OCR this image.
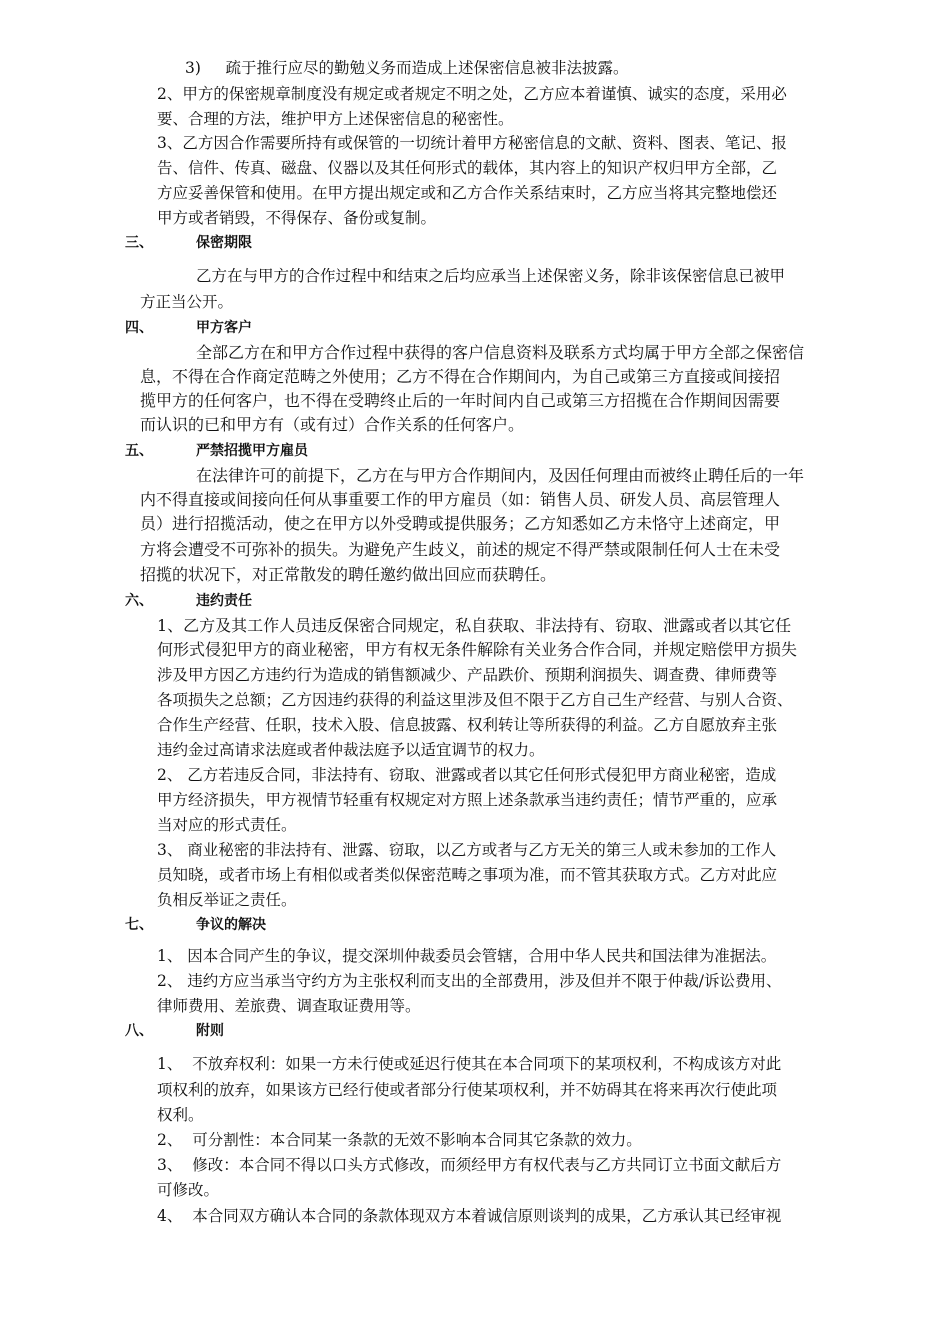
3)     疏于推行应尽的勤勉义务而造成上述保密信息被非法披露。
2、甲方的保密规章制度没有规定或者规定不明之处，乙方应本着谨慎、诚实的态度，采用必
要、合理的方法，维护甲方上述保密信息的秘密性。
3、乙方因合作需要所持有或保管的一切统计着甲方秘密信息的文献、资料、图表、笔记、报
告、信件、传真、磁盘、仪器以及其任何形式的载体，其内容上的知识产权归甲方全部，乙
方应妥善保管和使用。在甲方提出规定或和乙方合作关系结束时，乙方应当将其完整地偿还
甲方或者销毁，不得保存、备份或复制。
三、	保密期限
乙方在与甲方的合作过程中和结束之后均应承当上述保密义务，除非该保密信息已被甲
方正当公开。
四、	甲方客户
全部乙方在和甲方合作过程中获得的客户信息资料及联系方式均属于甲方全部之保密信
息，不得在合作商定范畴之外使用；乙方不得在合作期间内，为自己或第三方直接或间接招
揽甲方的任何客户，也不得在受聘终止后的一年时间内自己或第三方招揽在合作期间因需要
而认识的已和甲方有（或有过）合作关系的任何客户。
五、	严禁招揽甲方雇员
在法律许可的前提下，乙方在与甲方合作期间内，及因任何理由而被终止聘任后的一年
内不得直接或间接向任何从事重要工作的甲方雇员（如：销售人员、研发人员、高层管理人
员）进行招揽活动，使之在甲方以外受聘或提供服务；乙方知悉如乙方未恪守上述商定，甲
方将会遭受不可弥补的损失。为避免产生歧义，前述的规定不得严禁或限制任何人士在未受
招揽的状况下，对正常散发的聘任邀约做出回应而获聘任。
六、	违约责任
1、乙方及其工作人员违反保密合同规定，私自获取、非法持有、窃取、泄露或者以其它任
何形式侵犯甲方的商业秘密，甲方有权无条件解除有关业务合作合同，并规定赔偿甲方损失
涉及甲方因乙方违约行为造成的销售额减少、产品跌价、预期利润损失、调查费、律师费等
各项损失之总额；乙方因违约获得的利益这里涉及但不限于乙方自己生产经营、与别人合资、
合作生产经营、任职，技术入股、信息披露、权利转让等所获得的利益。乙方自愿放弃主张
违约金过高请求法庭或者仲裁法庭予以适宜调节的权力。
2、 乙方若违反合同，非法持有、窃取、泄露或者以其它任何形式侵犯甲方商业秘密，造成
甲方经济损失，甲方视情节轻重有权规定对方照上述条款承当违约责任；情节严重的，应承
当对应的形式责任。
3、 商业秘密的非法持有、泄露、窃取，以乙方或者与乙方无关的第三人或未参加的工作人
员知晓，或者市场上有相似或者类似保密范畴之事项为准，而不管其获取方式。乙方对此应
负相反举证之责任。
七、	争议的解决
1、 因本合同产生的争议，提交深圳仲裁委员会管辖，合用中华人民共和国法律为准据法。
2、 违约方应当承当守约方为主张权利而支出的全部费用，涉及但并不限于仲裁/诉讼费用、
律师费用、差旅费、调查取证费用等。
八、	附则
1、  不放弃权利：如果一方未行使或延迟行使其在本合同项下的某项权利，不构成该方对此
项权利的放弃，如果该方已经行使或者部分行使某项权利，并不妨碍其在将来再次行使此项
权利。
2、  可分割性：本合同某一条款的无效不影响本合同其它条款的效力。
3、  修改：本合同不得以口头方式修改，而须经甲方有权代表与乙方共同订立书面文献后方
可修改。
4、  本合同双方确认本合同的条款体现双方本着诚信原则谈判的成果，乙方承认其已经审视
